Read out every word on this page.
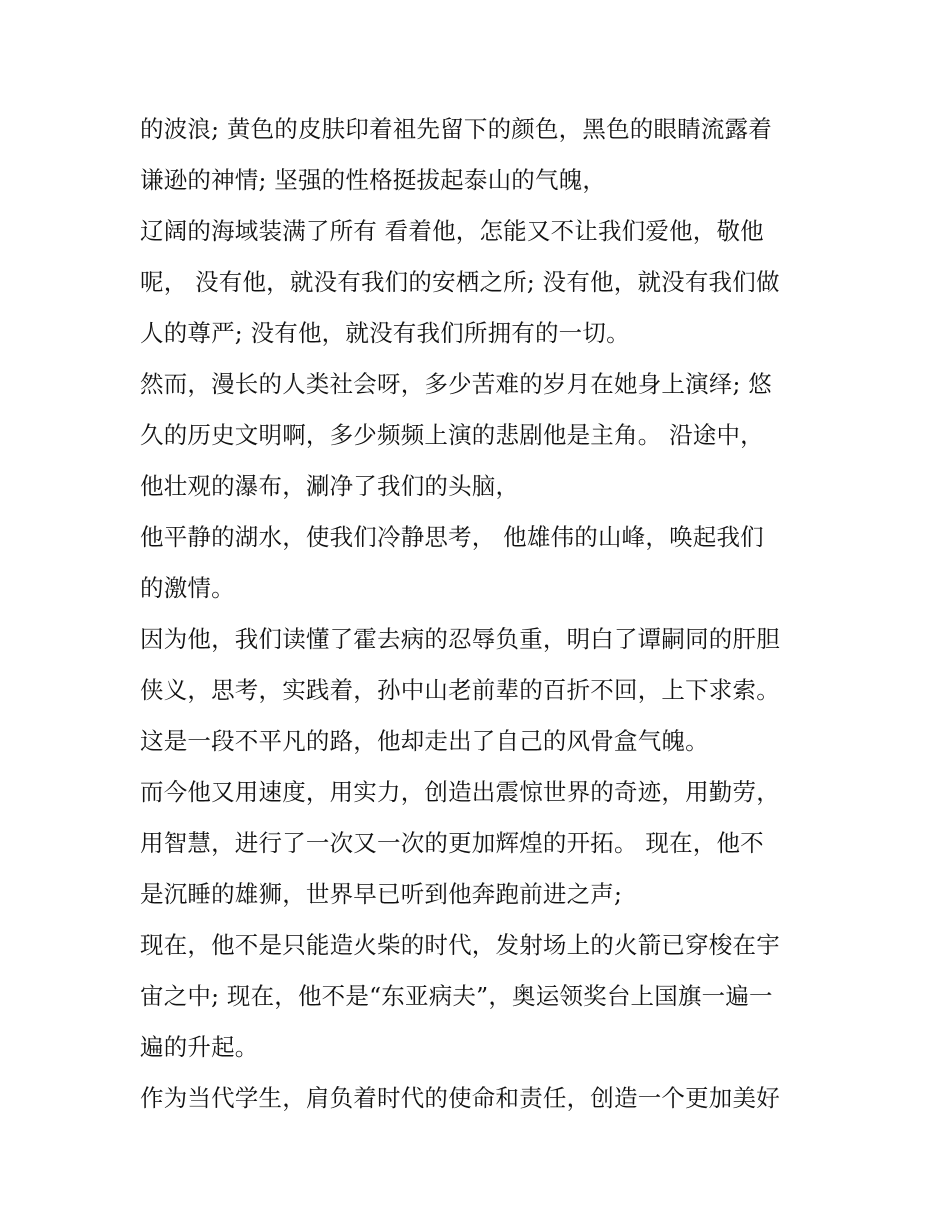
的波浪; 黄色的皮肤印着祖先留下的颜色，黑色的眼睛流露着
谦逊的神情; 坚强的性格挺拔起泰山的气魄，
辽阔的海域装满了所有 看着他，怎能又不让我们爱他，敬他
呢， 没有他，就没有我们的安栖之所; 没有他，就没有我们做
人的尊严; 没有他，就没有我们所拥有的一切。
然而，漫长的人类社会呀，多少苦难的岁月在她身上演绎; 悠
久的历史文明啊，多少频频上演的悲剧他是主角。 沿途中，
他壮观的瀑布，涮净了我们的头脑，
他平静的湖水，使我们冷静思考， 他雄伟的山峰，唤起我们
的激情。
因为他，我们读懂了霍去病的忍辱负重，明白了谭嗣同的肝胆
侠义，思考，实践着，孙中山老前辈的百折不回，上下求索。
这是一段不平凡的路，他却走出了自己的风骨盒气魄。
而今他又用速度，用实力，创造出震惊世界的奇迹，用勤劳，
用智慧，进行了一次又一次的更加辉煌的开拓。 现在，他不
是沉睡的雄狮，世界早已听到他奔跑前进之声;
现在，他不是只能造火柴的时代，发射场上的火箭已穿梭在宇
宙之中; 现在，他不是“东亚病夫”，奥运领奖台上国旗一遍一
遍的升起。
作为当代学生，肩负着时代的使命和责任，创造一个更加美好
